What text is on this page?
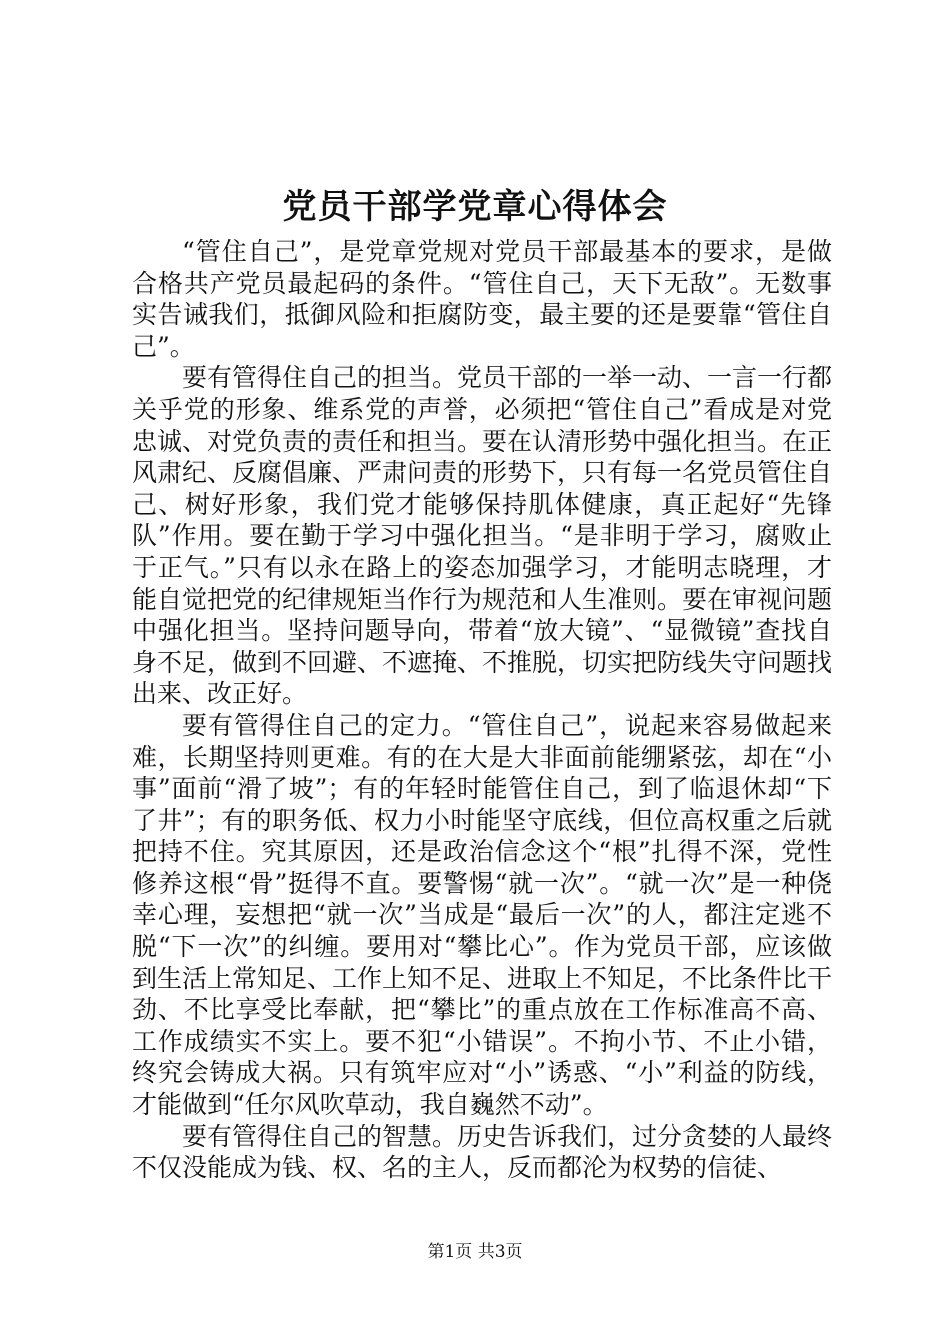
党员干部学党章心得体会

“管住自己”，是党章党规对党员干部最基本的要求，是做合格共产党员最起码的条件。“管住自己，天下无敌”。无数事实告诫我们，抵御风险和拒腐防变，最主要的还是要靠“管住自己”。

要有管得住自己的担当。党员干部的一举一动、一言一行都关乎党的形象、维系党的声誉，必须把“管住自己”看成是对党忠诚、对党负责的责任和担当。要在认清形势中强化担当。在正风肃纪、反腐倡廉、严肃问责的形势下，只有每一名党员管住自己、树好形象，我们党才能够保持肌体健康，真正起好“先锋队”作用。要在勤于学习中强化担当。“是非明于学习，腐败止于正气。”只有以永在路上的姿态加强学习，才能明志晓理，才能自觉把党的纪律规矩当作行为规范和人生准则。要在审视问题中强化担当。坚持问题导向，带着“放大镜”、“显微镜”查找自身不足，做到不回避、不遮掩、不推脱，切实把防线失守问题找出来、改正好。

要有管得住自己的定力。“管住自己”，说起来容易做起来难，长期坚持则更难。有的在大是大非面前能绷紧弦，却在“小事”面前“滑了坡”；有的年轻时能管住自己，到了临退休却“下了井”；有的职务低、权力小时能坚守底线，但位高权重之后就把持不住。究其原因，还是政治信念这个“根”扎得不深，党性修养这根“骨”挺得不直。要警惕“就一次”。“就一次”是一种侥幸心理，妄想把“就一次”当成是“最后一次”的人，都注定逃不脱“下一次”的纠缠。要用对“攀比心”。作为党员干部，应该做到生活上常知足、工作上知不足、进取上不知足，不比条件比干劲、不比享受比奉献，把“攀比”的重点放在工作标准高不高、工作成绩实不实上。要不犯“小错误”。不拘小节、不止小错，终究会铸成大祸。只有筑牢应对“小”诱惑、“小”利益的防线，才能做到“任尔风吹草动，我自巍然不动”。

要有管得住自己的智慧。历史告诉我们，过分贪婪的人最终不仅没能成为钱、权、名的主人，反而都沦为权势的信徒、

第1页 共3页
